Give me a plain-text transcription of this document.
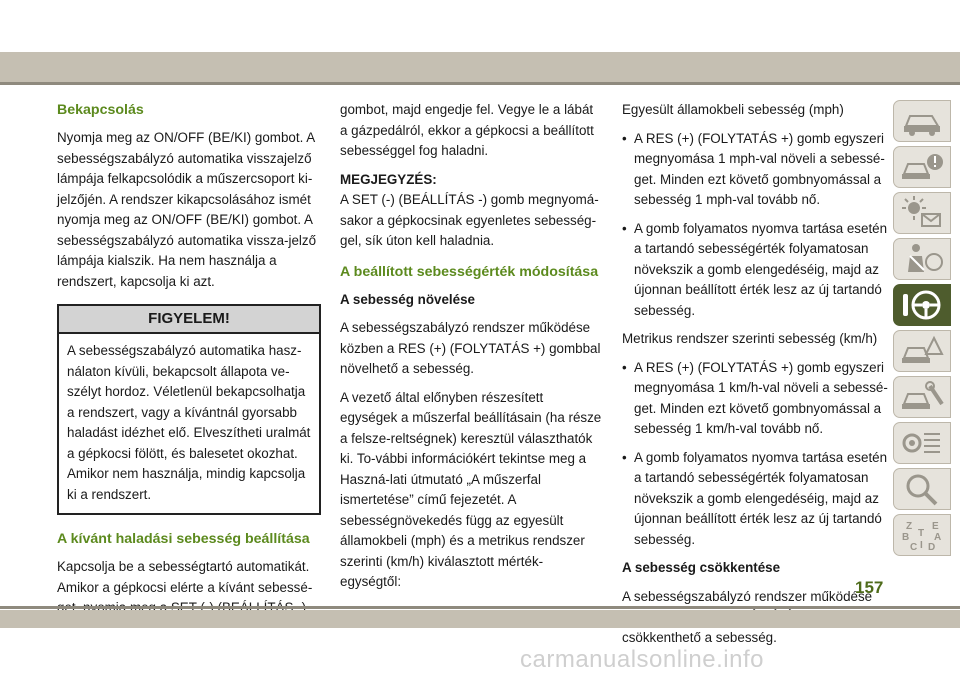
Bekapcsolás

Nyomja meg az ON/OFF (BE/KI) gombot. A sebességszabályzó automatika visszajelző lámpája felkapcsolódik a műszercsoport ki-jelzőjén. A rendszer kikapcsolásához ismét nyomja meg az ON/OFF (BE/KI) gombot. A sebességszabályzó automatika vissza-jelző lámpája kialszik. Ha nem használja a rendszert, kapcsolja ki azt.

FIGYELEM!
A sebességszabályzó automatika hasz-nálaton kívüli, bekapcsolt állapota ve-szélyt hordoz. Véletlenül bekapcsolhatja a rendszert, vagy a kívántnál gyorsabb haladást idézhet elő. Elveszítheti uralmát a gépkocsi fölött, és balesetet okozhat. Amikor nem használja, mindig kapcsolja ki a rendszert.
A kívánt haladási sebesség beállítása

Kapcsolja be a sebességtartó automatikát. Amikor a gépkocsi elérte a kívánt sebessé-

gombot, majd engedje fel. Vegye le a lábát a gázpedálról, ekkor a gépkocsi a beállított sebességgel fog haladni.

MEGJEGYZÉS:

A SET (-) (BEÁLLÍTÁS -) gomb megnyomá-sakor a gépkocsinak egyenletes sebesség-gel, sík úton kell haladnia.

A beállított sebességérték módosítása

A sebesség növelése

A sebességszabályzó rendszer működése közben a RES (+) (FOLYTATÁS +) gombbal növelhető a sebesség.

A vezető által előnyben részesített egységek a műszerfal beállításain (ha része a felsze-reltségnek) keresztül választhatók ki. To-vábbi információkért tekintse meg a Haszná-lati útmutató „A műszerfal ismertetése” című fejezetét. A sebességnövekedés függ az egyesült államokbeli (mph) és a metrikus rendszer szerinti (km/h) kiválasztott mérték-egységtől:

Egyesült államokbeli sebesség (mph)

• A RES (+) (FOLYTATÁS +) gomb egyszeri megnyomása 1 mph-val növeli a sebessé-get. Minden ezt követő gombnyomással a sebesség 1 mph-val tovább nő.
• A gomb folyamatos nyomva tartása esetén a tartandó sebességérték folyamatosan növekszik a gomb elengedéséig, majd az újonnan beállított érték lesz az új tartandó sebesség.

Metrikus rendszer szerinti sebesség (km/h)

• A RES (+) (FOLYTATÁS +) gomb egyszeri megnyomása 1 km/h-val növeli a sebessé-get. Minden ezt követő gombnyomással a sebesség 1 km/h-val tovább nő.
• A gomb folyamatos nyomva tartása esetén a tartandó sebességérték folyamatosan növekszik a gomb elengedéséig, majd az újonnan beállított érték lesz az új tartandó sebesség.

A sebesség csökkentése

A sebességszabályzó rendszer működése csökkenthető a sebesség.

Z
B
C
E
A
D
T
I
157
carmanualsonline.info
